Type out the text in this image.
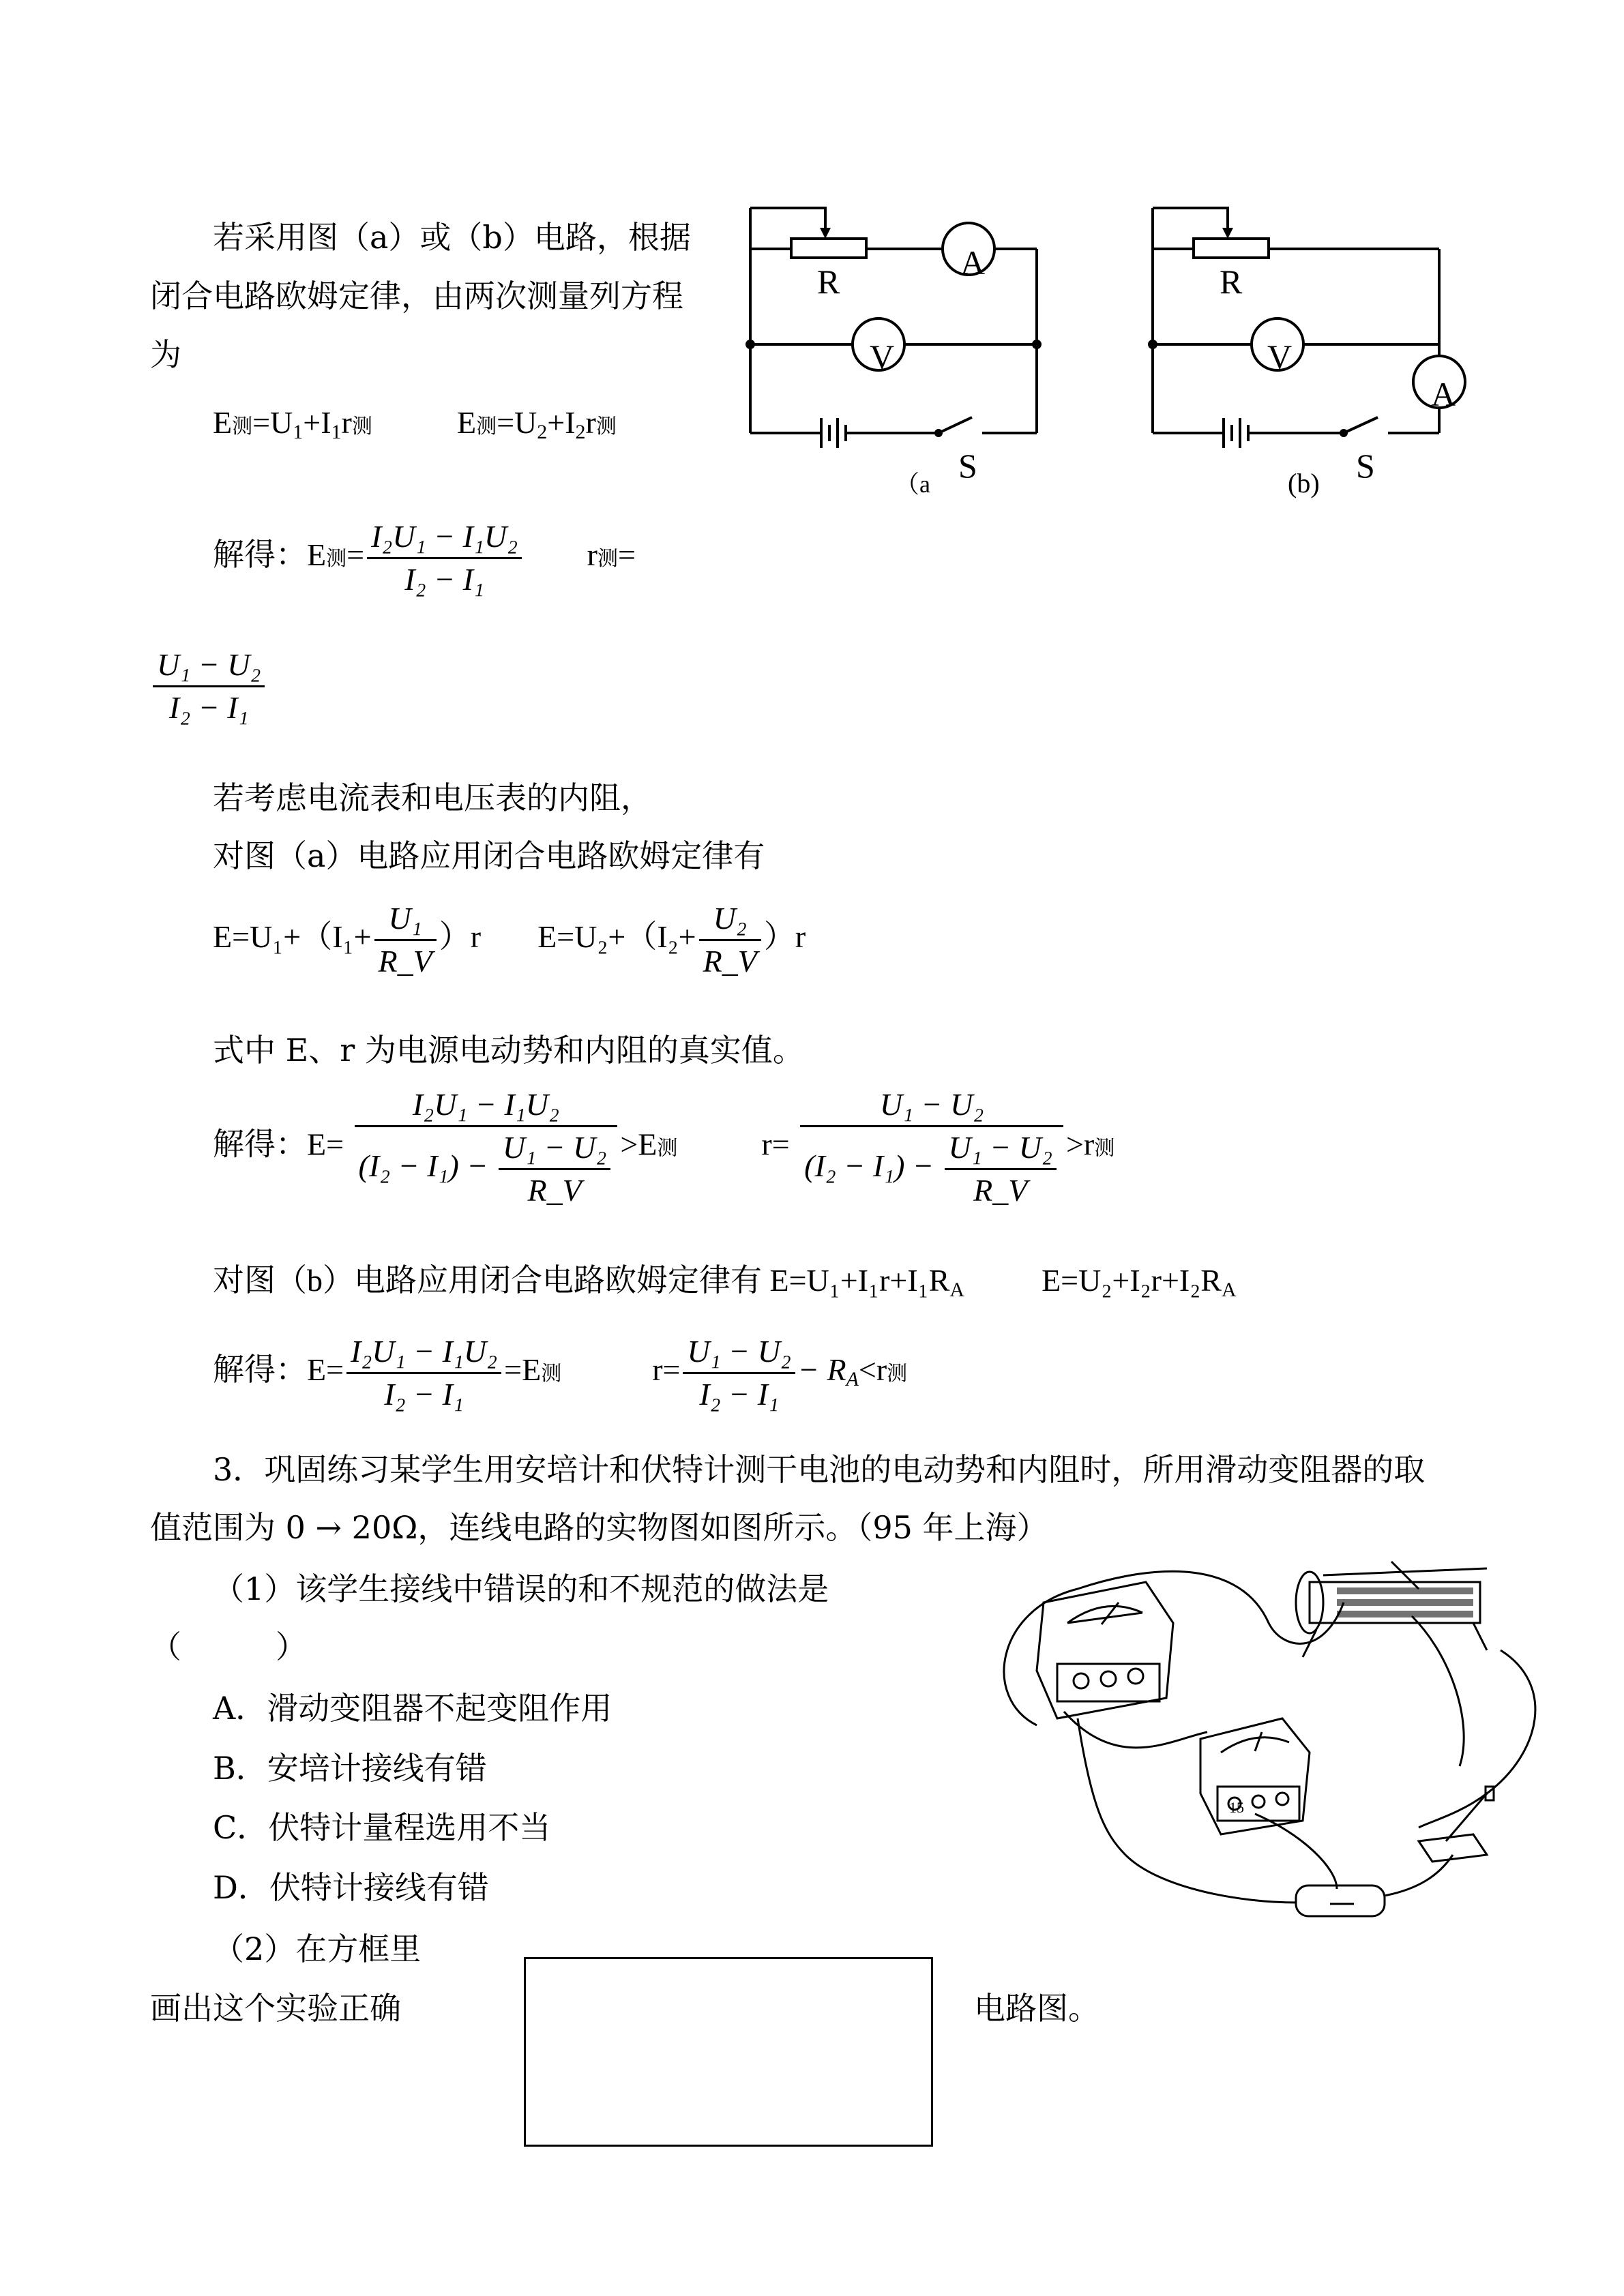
若采用图（a）或（b）电路，根据
闭合电路欧姆定律，由两次测量列方程
为
E测$=U_1+I_1r$测	E测$=U_2+I_2r$测
R	A
V
S
（a
R
V
A
S
(b)
解得：E测= $\frac{\text{I₂U₁ − I₁U₂}}{\text{I₂ − I₁}}$ r测=
$\frac{\text{U₁ − U₂}}{\text{I₂ − I₁}}$
若考虑电流表和电压表的内阻，
对图（a）电路应用闭合电路欧姆定律有
$E=U_1+(I_1+ \frac{\text{U₁}}{R\_V} )r$ $E=U_2+(I_2+ \frac{\text{U₂}}{R\_V} )r$
式中 E、r 为电源电动势和内阻的真实值。
解得：$E= \frac{\text{I₂U₁ − I₁U₂}}{(I_2 - I_1) - \frac{\text{U₁ − U₂}}{R\_V}} >E$测	$r= \frac{\text{U₁ − U₂}}{(I_2 - I_1) - \frac{\text{U₁ − U₂}}{R\_V}} >r$测
对图（b）电路应用闭合电路欧姆定律有 $E=U_1+I_1r+I_1R_A$ $E=U_2+I_2r+I_2R_A$
解得：$E= \frac{\text{I₂U₁ − I₁U₂}}{\text{I₂ − I₁}} =E$测	$r= \frac{\text{U₁ − U₂}}{\text{I₂ − I₁}} - R_A<r$测
3．巩固练习某学生用安培计和伏特计测干电池的电动势和内阻时，所用滑动变阻器的取
值范围为 0 → 20Ω，连线电路的实物图如图所示。（95 年上海）
（1）该学生接线中错误的和不规范的做法是
（　　　）
A．滑动变阻器不起变阻作用
B．安培计接线有错
C．伏特计量程选用不当
D．伏特计接线有错
（2）在方框里
画出这个实验正确	电路图。
15
